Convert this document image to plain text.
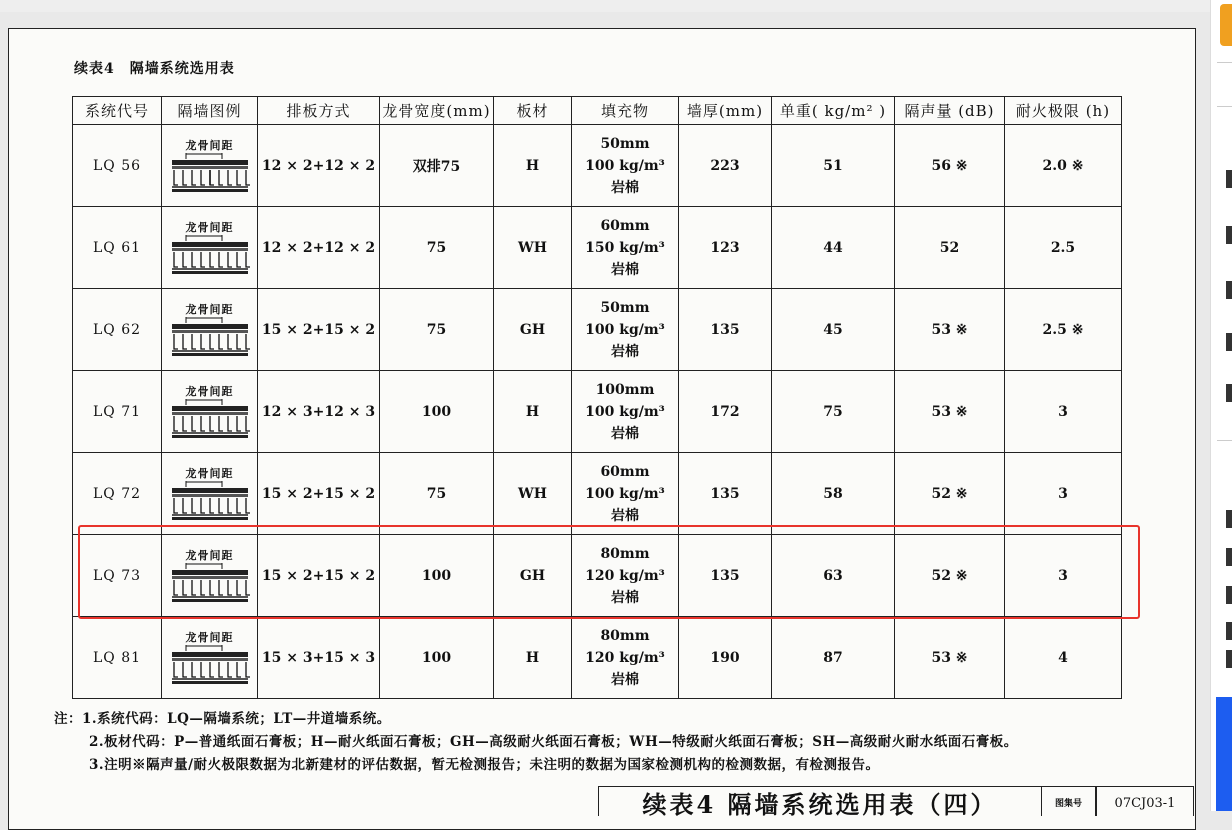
续表4　隔墙系统选用表
系统代号	隔墙图例	排板方式	龙骨宽度(mm)	板材	填充物	墙厚(mm)	单重( kg/m² )	隔声量 (dB)	耐火极限 (h)
LQ 56	龙骨间距	12 × 2+12 × 2	双排75	H	50mm
100 kg/m³
岩棉	223	51	56 ※	2.0 ※
LQ 61	龙骨间距	12 × 2+12 × 2	75	WH	60mm
150 kg/m³
岩棉	123	44	52	2.5
LQ 62	龙骨间距	15 × 2+15 × 2	75	GH	50mm
100 kg/m³
岩棉	135	45	53 ※	2.5 ※
LQ 71	龙骨间距	12 × 3+12 × 3	100	H	100mm
100 kg/m³
岩棉	172	75	53 ※	3
LQ 72	龙骨间距	15 × 2+15 × 2	75	WH	60mm
100 kg/m³
岩棉	135	58	52 ※	3
LQ 73	龙骨间距	15 × 2+15 × 2	100	GH	80mm
120 kg/m³
岩棉	135	63	52 ※	3
LQ 81	龙骨间距	15 × 3+15 × 3	100	H	80mm
120 kg/m³
岩棉	190	87	53 ※	4
注：1.系统代码：LQ—隔墙系统；LT—井道墙系统。
2.板材代码：P—普通纸面石膏板；H—耐火纸面石膏板；GH—高级耐火纸面石膏板；WH—特级耐火纸面石膏板；SH—高级耐火耐水纸面石膏板。
3.注明※隔声量/耐火极限数据为北新建材的评估数据，暂无检测报告；未注明的数据为国家检测机构的检测数据，有检测报告。
续表4 隔墙系统选用表（四）	图集号	07CJ03-1
